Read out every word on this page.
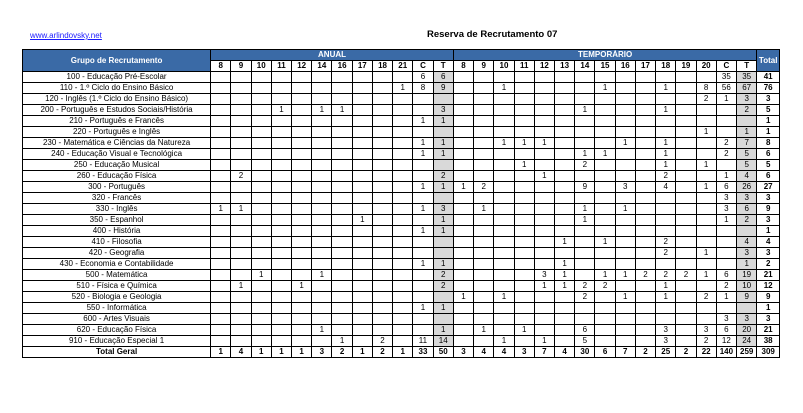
www.arlindovsky.net	Reserva de Recrutamento 07
Grupo de Recrutamento	ANUAL												TEMPORÁRIO															Total
	8	9	10	11	12	14	16	17	18	21	C	T	8	9	10	11	12	13	14	15	16	17	18	19	20	C	T	
100 - Educação Pré-Escolar											6	6														35	35	41
110 - 1.º Ciclo do Ensino Básico										1	8	9			1					1			1		8	56	67	76
120 - Inglês (1.º Ciclo do Ensino Básico)																									2	1	3	3
200 - Português e Estudos Sociais/História				1		1	1					3							1				1				2	5
210 - Português e Francês											1	1																1
220 - Português e Inglês																									1		1	1
230 - Matemática e Ciências da Natureza											1	1			1	1	1				1		1			2	7	8
240 - Educação Visual e Tecnológica											1	1							1	1			1			2	5	6
250 - Educação Musical																1			2				1		1		5	5
260 - Educação Física		2										2					1						2			1	4	6
300 - Português											1	1	1	2					9		3		4		1	6	26	27
320 - Francês																										3	3	3
330 - Inglês	1	1									1	3		1					1		1					3	6	9
350 - Espanhol								1				1							1							1	2	3
400 - História											1	1																1
410 - Filosofia																		1		1			2				4	4
420 - Geografia																							2		1		3	3
430 - Economia e Contabilidade											1	1						1									1	2
500 - Matemática			1			1						2					3	1		1	1	2	2	2	1	6	19	21
510 - Física e Química		1			1							2					1	1	2	2			1			2	10	12
520 - Biologia e Geologia													1		1				2		1		1		2	1	9	9
550 - Informática											1	1																1
600 - Artes Visuais																										3	3	3
620 - Educação Física						1						1		1		1			6				3		3	6	20	21
910 - Educação Especial 1							1		2		11	14			1		1		5				3		2	12	24	38
Total Geral	1	4	1	1	1	3	2	1	2	1	33	50	3	4	4	3	7	4	30	6	7	2	25	2	22	140	259	309
